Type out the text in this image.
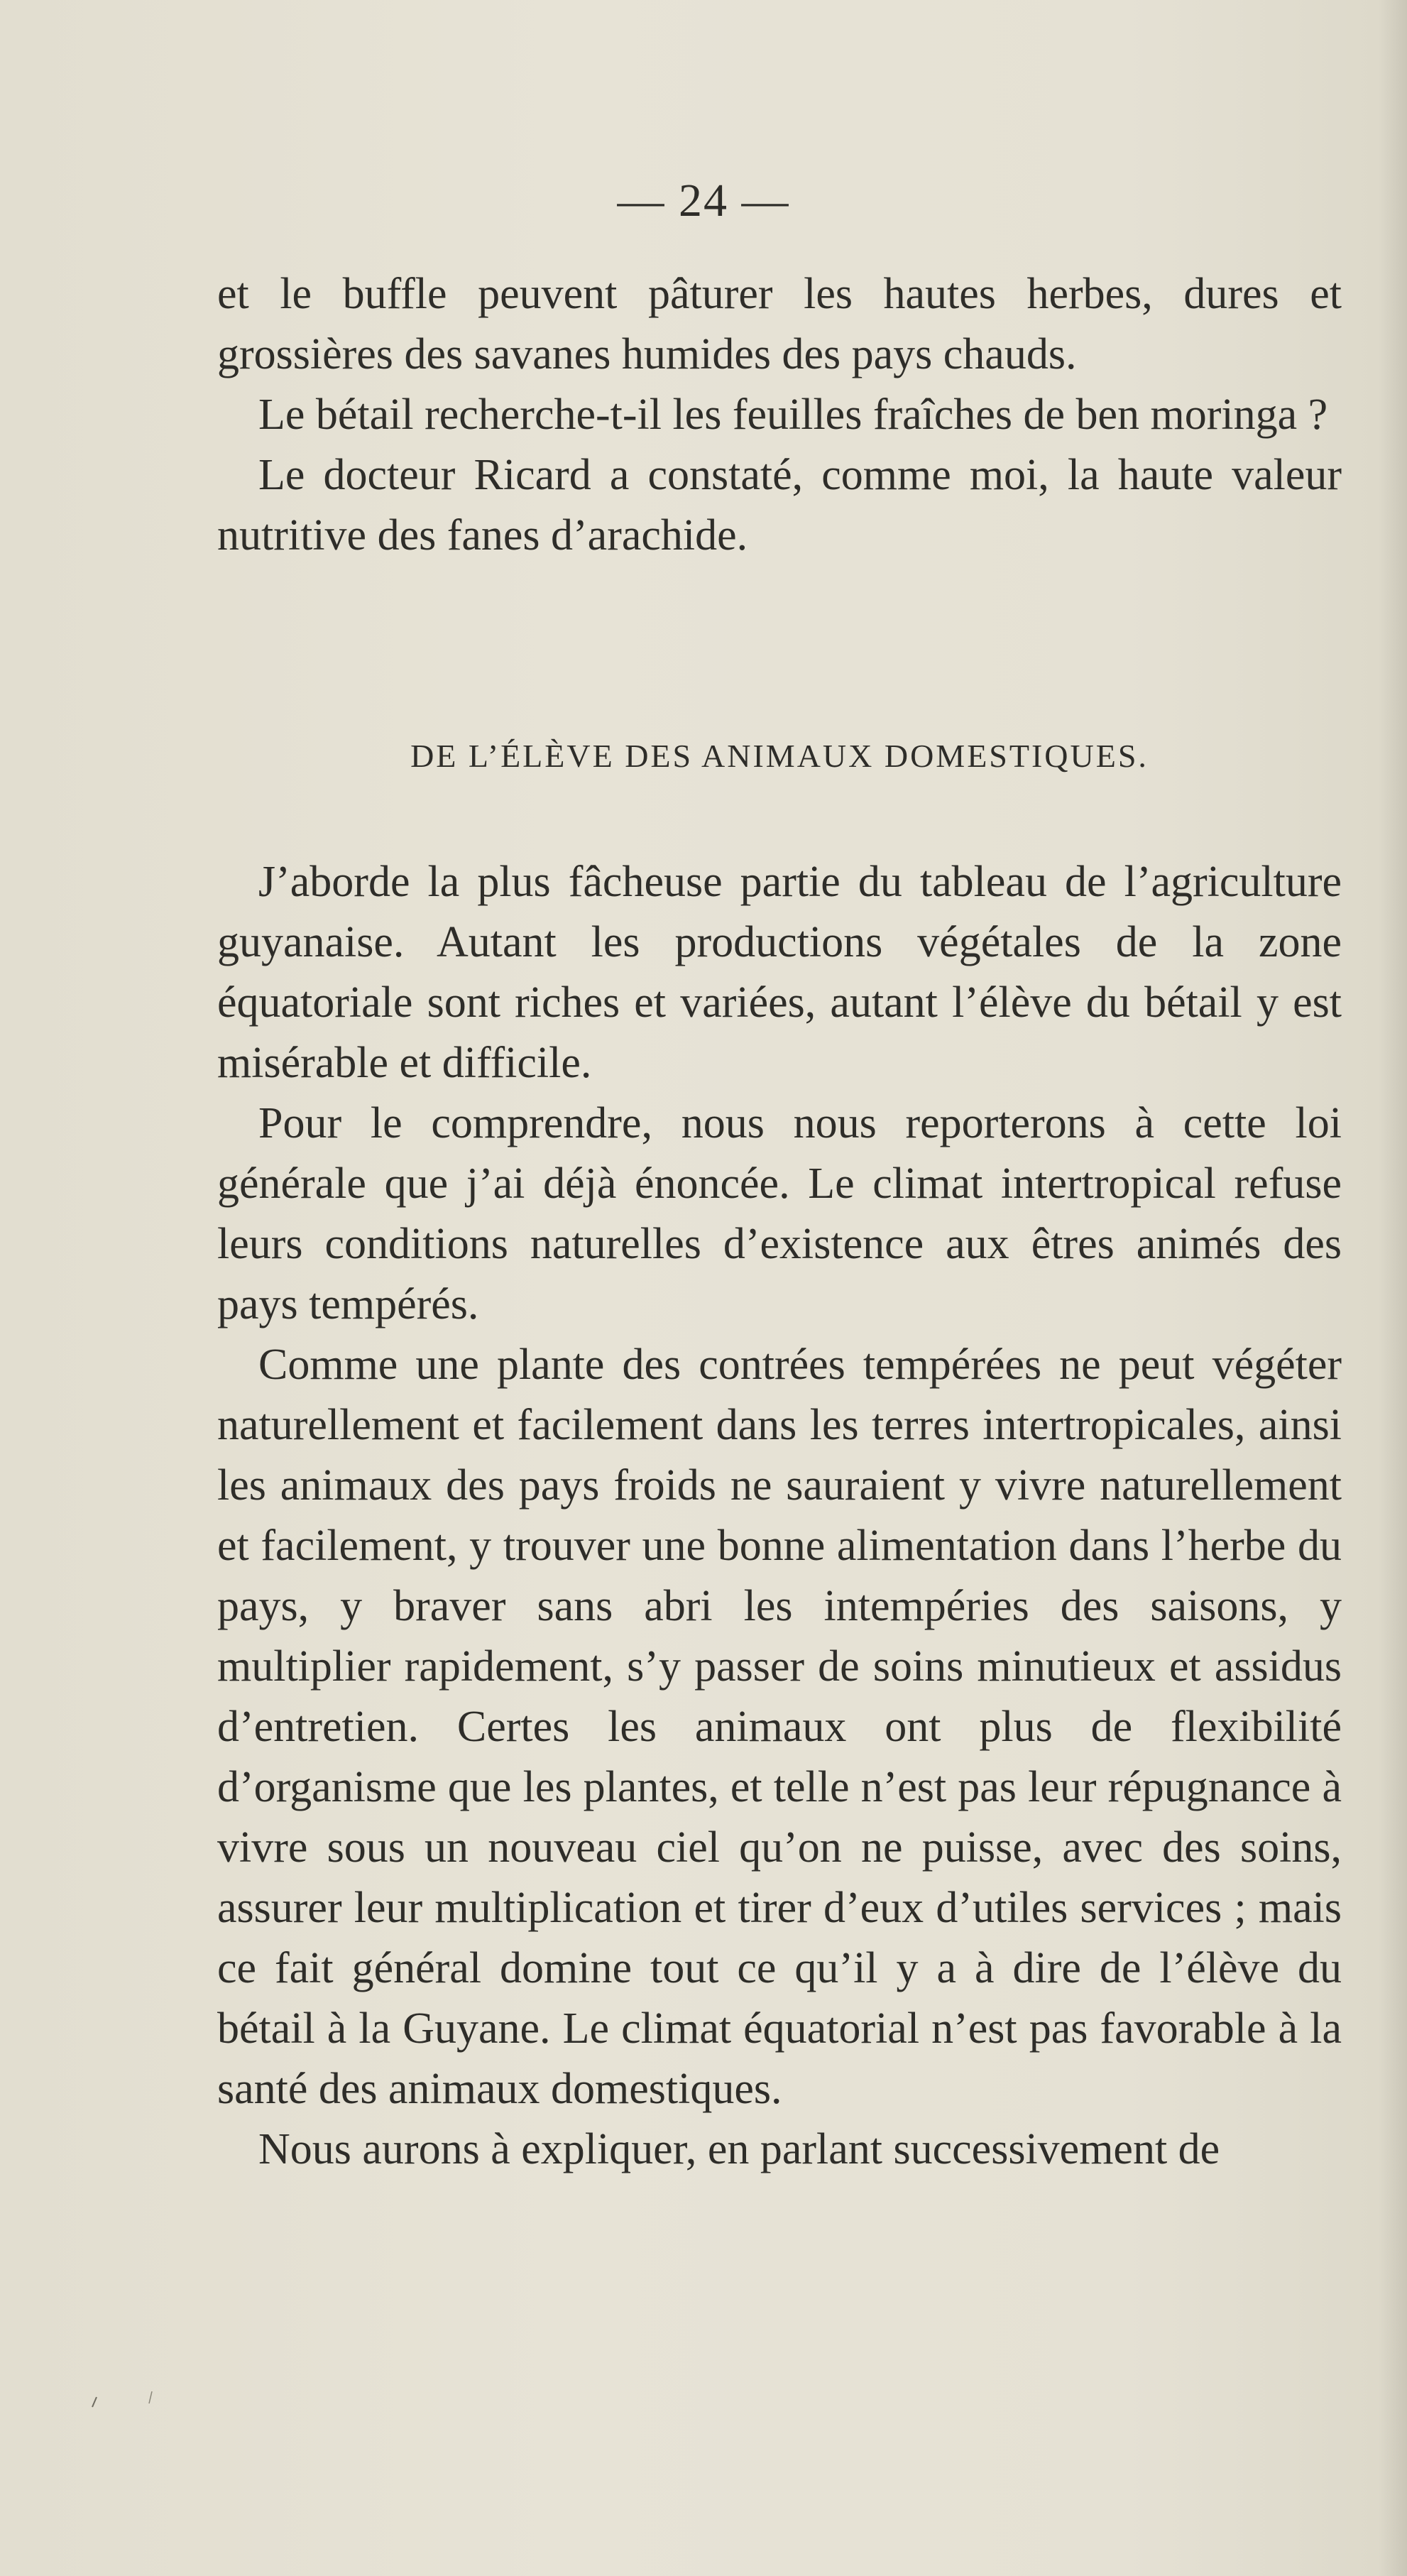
— 24 —

et le buffle peuvent pâturer les hautes herbes, dures et grossières des savanes humides des pays chauds.

Le bétail recherche-t-il les feuilles fraîches de ben moringa ?

Le docteur Ricard a constaté, comme moi, la haute valeur nutritive des fanes d’arachide.

DE L’ÉLÈVE DES ANIMAUX DOMESTIQUES.

J’aborde la plus fâcheuse partie du tableau de l’agriculture guyanaise. Autant les productions végétales de la zone équatoriale sont riches et variées, autant l’élève du bétail y est misérable et difficile.

Pour le comprendre, nous nous reporterons à cette loi générale que j’ai déjà énoncée. Le climat intertropical refuse leurs conditions naturelles d’existence aux êtres animés des pays tempérés.

Comme une plante des contrées tempérées ne peut végéter naturellement et facilement dans les terres intertropicales, ainsi les animaux des pays froids ne sauraient y vivre naturellement et facilement, y trouver une bonne alimentation dans l’herbe du pays, y braver sans abri les intempéries des saisons, y multiplier rapidement, s’y passer de soins minutieux et assidus d’entretien. Certes les animaux ont plus de flexibilité d’organisme que les plantes, et telle n’est pas leur répugnance à vivre sous un nouveau ciel qu’on ne puisse, avec des soins, assurer leur multiplication et tirer d’eux d’utiles services ; mais ce fait général domine tout ce qu’il y a à dire de l’élève du bétail à la Guyane. Le climat équatorial n’est pas favorable à la santé des animaux domestiques.

Nous aurons à expliquer, en parlant successivement de
